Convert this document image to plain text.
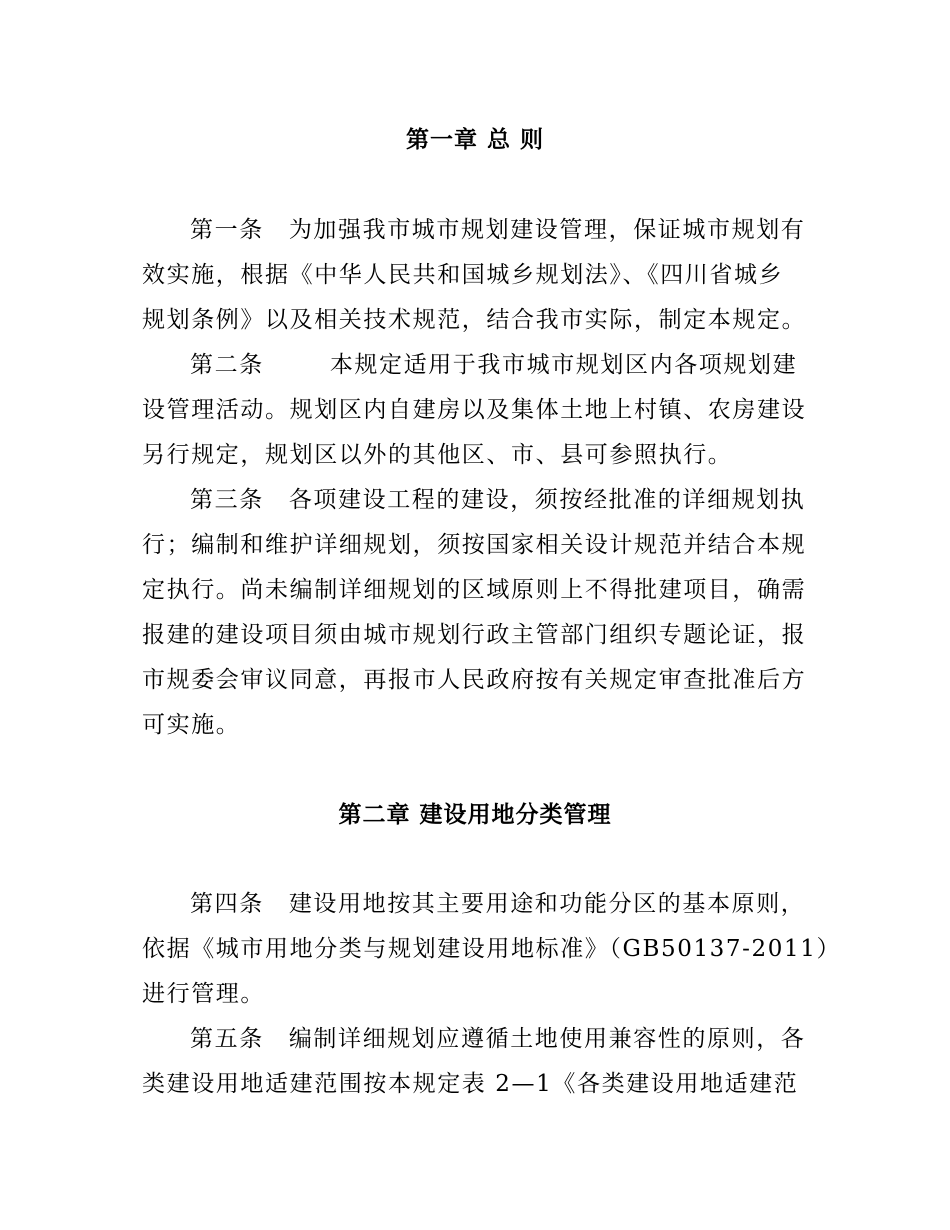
第一章 总 则

第一条 为加强我市城市规划建设管理，保证城市规划有

效实施，根据《中华人民共和国城乡规划法》、《四川省城乡

规划条例》以及相关技术规范，结合我市实际，制定本规定。

第二条	本规定适用于我市城市规划区内各项规划建

设管理活动。规划区内自建房以及集体土地上村镇、农房建设

另行规定，规划区以外的其他区、市、县可参照执行。

第三条 各项建设工程的建设，须按经批准的详细规划执

行；编制和维护详细规划，须按国家相关设计规范并结合本规

定执行。尚未编制详细规划的区域原则上不得批建项目，确需

报建的建设项目须由城市规划行政主管部门组织专题论证，报

市规委会审议同意，再报市人民政府按有关规定审查批准后方

可实施。

第二章 建设用地分类管理

第四条 建设用地按其主要用途和功能分区的基本原则，

依据《城市用地分类与规划建设用地标准》（GB50137-2011）

进行管理。

第五条 编制详细规划应遵循土地使用兼容性的原则，各

类建设用地适建范围按本规定表 2—1《各类建设用地适建范
